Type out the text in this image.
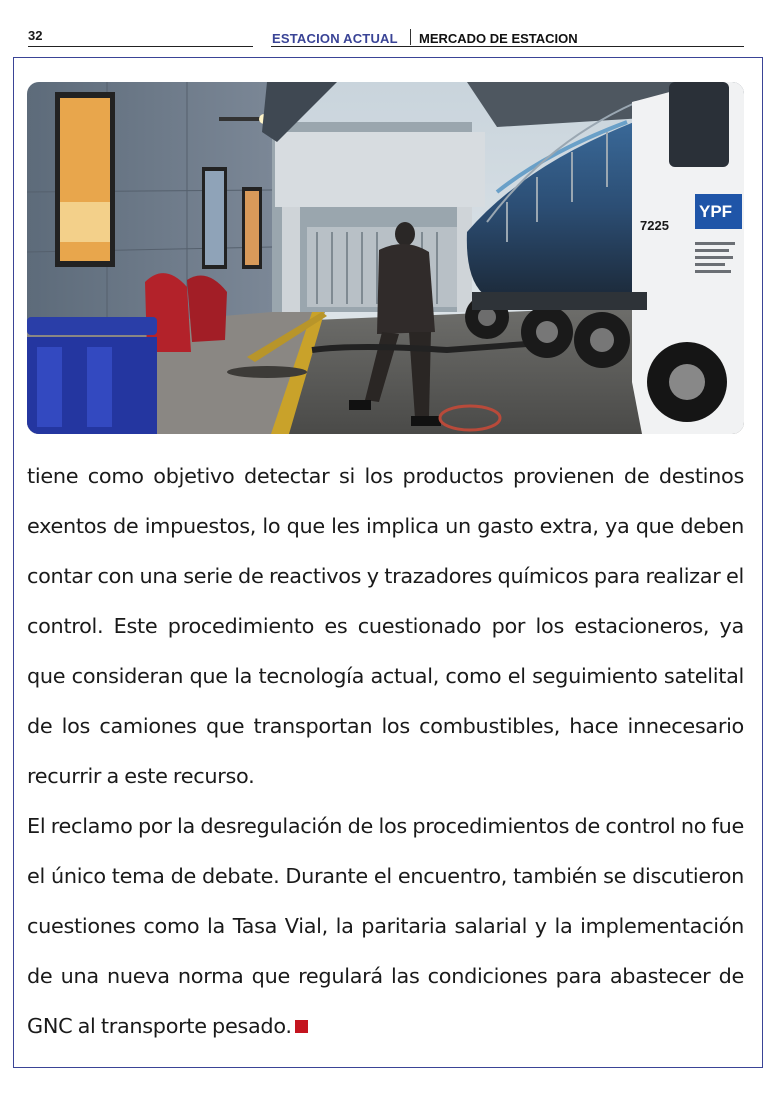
32	ESTACION ACTUAL MERCADO DE ESTACION
YPF
7225

tiene como objetivo detectar si los productos provienen de destinos exentos de impuestos, lo que les implica un gasto extra, ya que deben contar con una serie de reactivos y trazadores químicos para realizar el control. Este procedimiento es cuestionado por los estacioneros, ya que consideran que la tecnología actual, como el seguimiento satelital de los camiones que transportan los combustibles, hace innecesario recurrir a este recurso.

El reclamo por la desregulación de los procedimientos de control no fue el único tema de debate. Durante el encuentro, también se discutieron cuestiones como la Tasa Vial, la paritaria salarial y la implementación de una nueva norma que regulará las condiciones para abastecer de GNC al transporte pesado.
